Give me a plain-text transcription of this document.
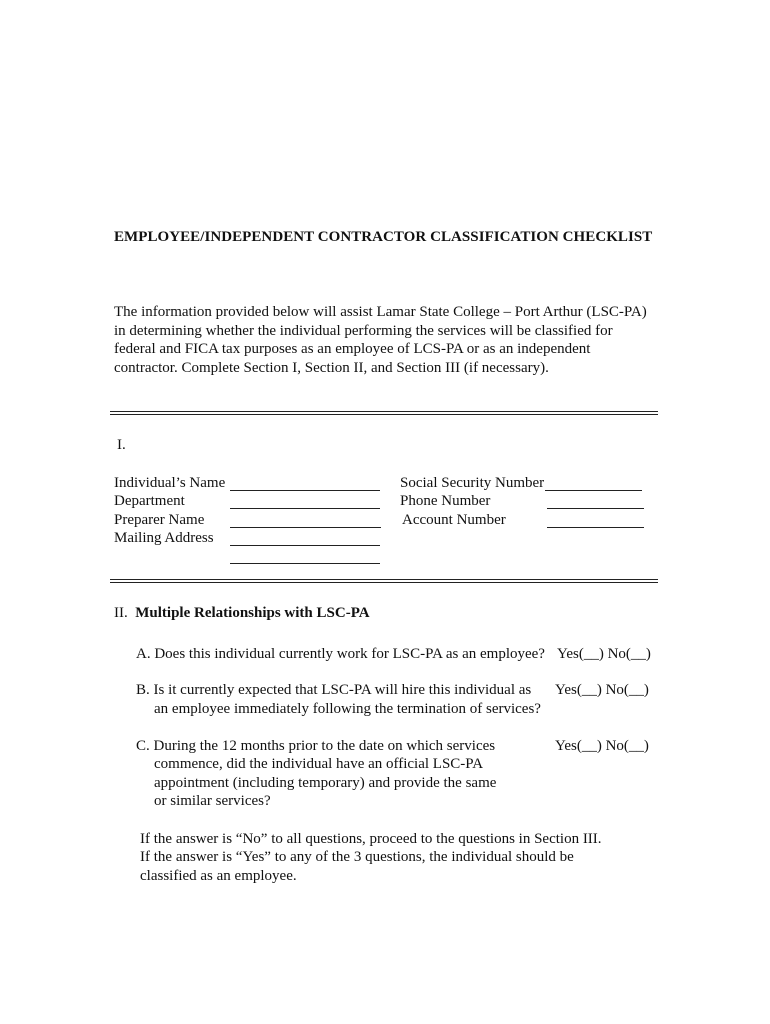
EMPLOYEE/INDEPENDENT CONTRACTOR CLASSIFICATION CHECKLIST
The information provided below will assist Lamar State College – Port Arthur (LSC-PA)
in determining whether the individual performing the services will be classified for
federal and FICA tax purposes as an employee of LCS-PA or as an independent
contractor. Complete Section I, Section II, and Section III (if necessary).
I.
Individual’s Name
Department
Preparer Name
Mailing Address
Social Security Number
Phone Number
Account Number
II. Multiple Relationships with LSC-PA
A. Does this individual currently work for LSC-PA as an employee? Yes(__) No(__)
B. Is it currently expected that LSC-PA will hire this individual as
an employee immediately following the termination of services?
Yes(__) No(__)
C. During the 12 months prior to the date on which services
commence, did the individual have an official LSC-PA
appointment (including temporary) and provide the same
or similar services?
Yes(__) No(__)
If the answer is “No” to all questions, proceed to the questions in Section III.
If the answer is “Yes” to any of the 3 questions, the individual should be
classified as an employee.
